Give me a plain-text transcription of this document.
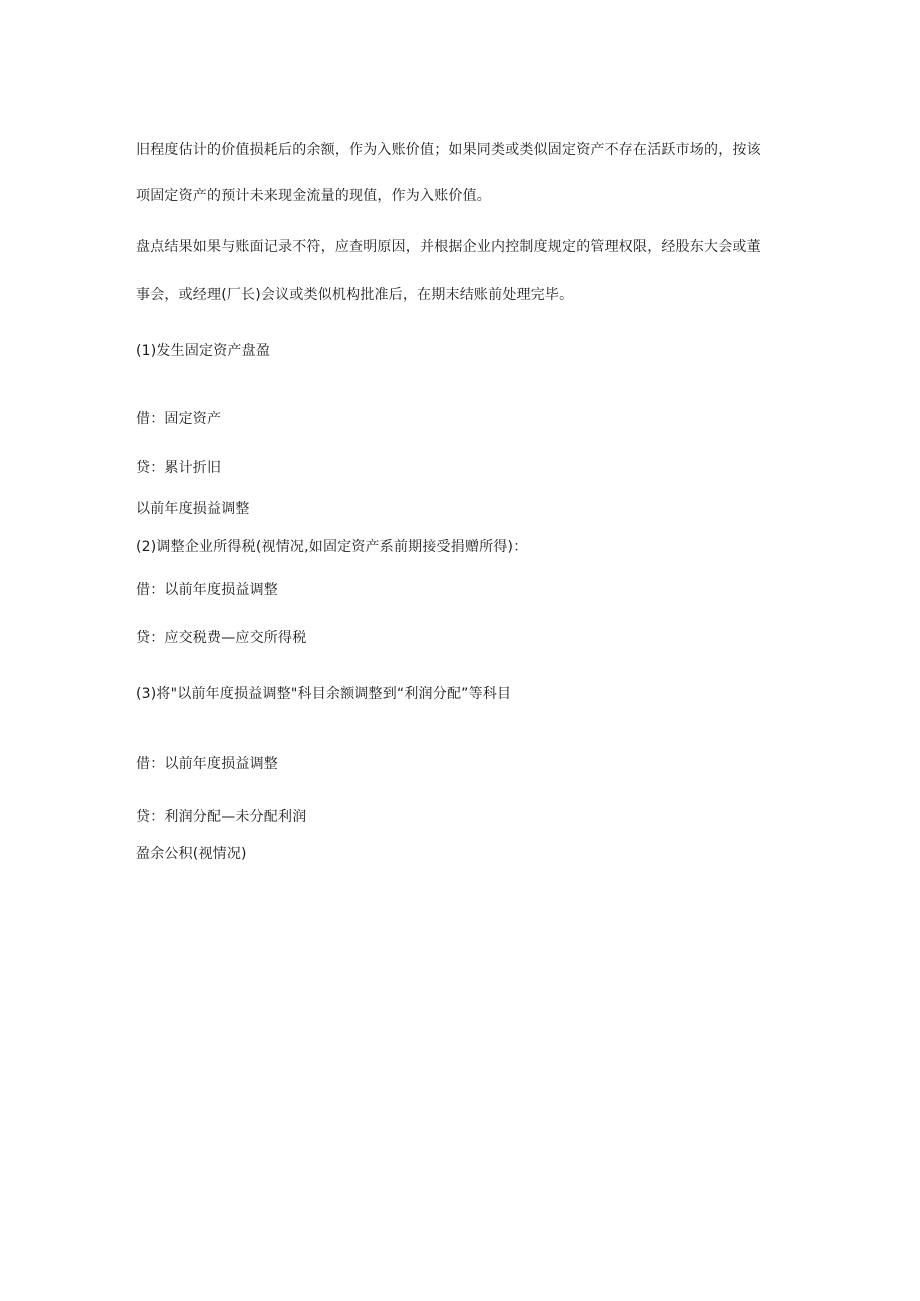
旧程度估计的价值损耗后的余额，作为入账价值；如果同类或类似固定资产不存在活跃市场的，按该
项固定资产的预计未来现金流量的现值，作为入账价值。
盘点结果如果与账面记录不符，应查明原因，并根据企业内控制度规定的管理权限，经股东大会或董
事会，或经理(厂长)会议或类似机构批准后，在期末结账前处理完毕。
(1)发生固定资产盘盈
借：固定资产
贷：累计折旧
以前年度损益调整
(2)调整企业所得税(视情况,如固定资产系前期接受捐赠所得)：
借：以前年度损益调整
贷：应交税费—应交所得税
(3)将"以前年度损益调整"科目余额调整到“利润分配”等科目
借：以前年度损益调整
贷：利润分配—未分配利润
盈余公积(视情况)
